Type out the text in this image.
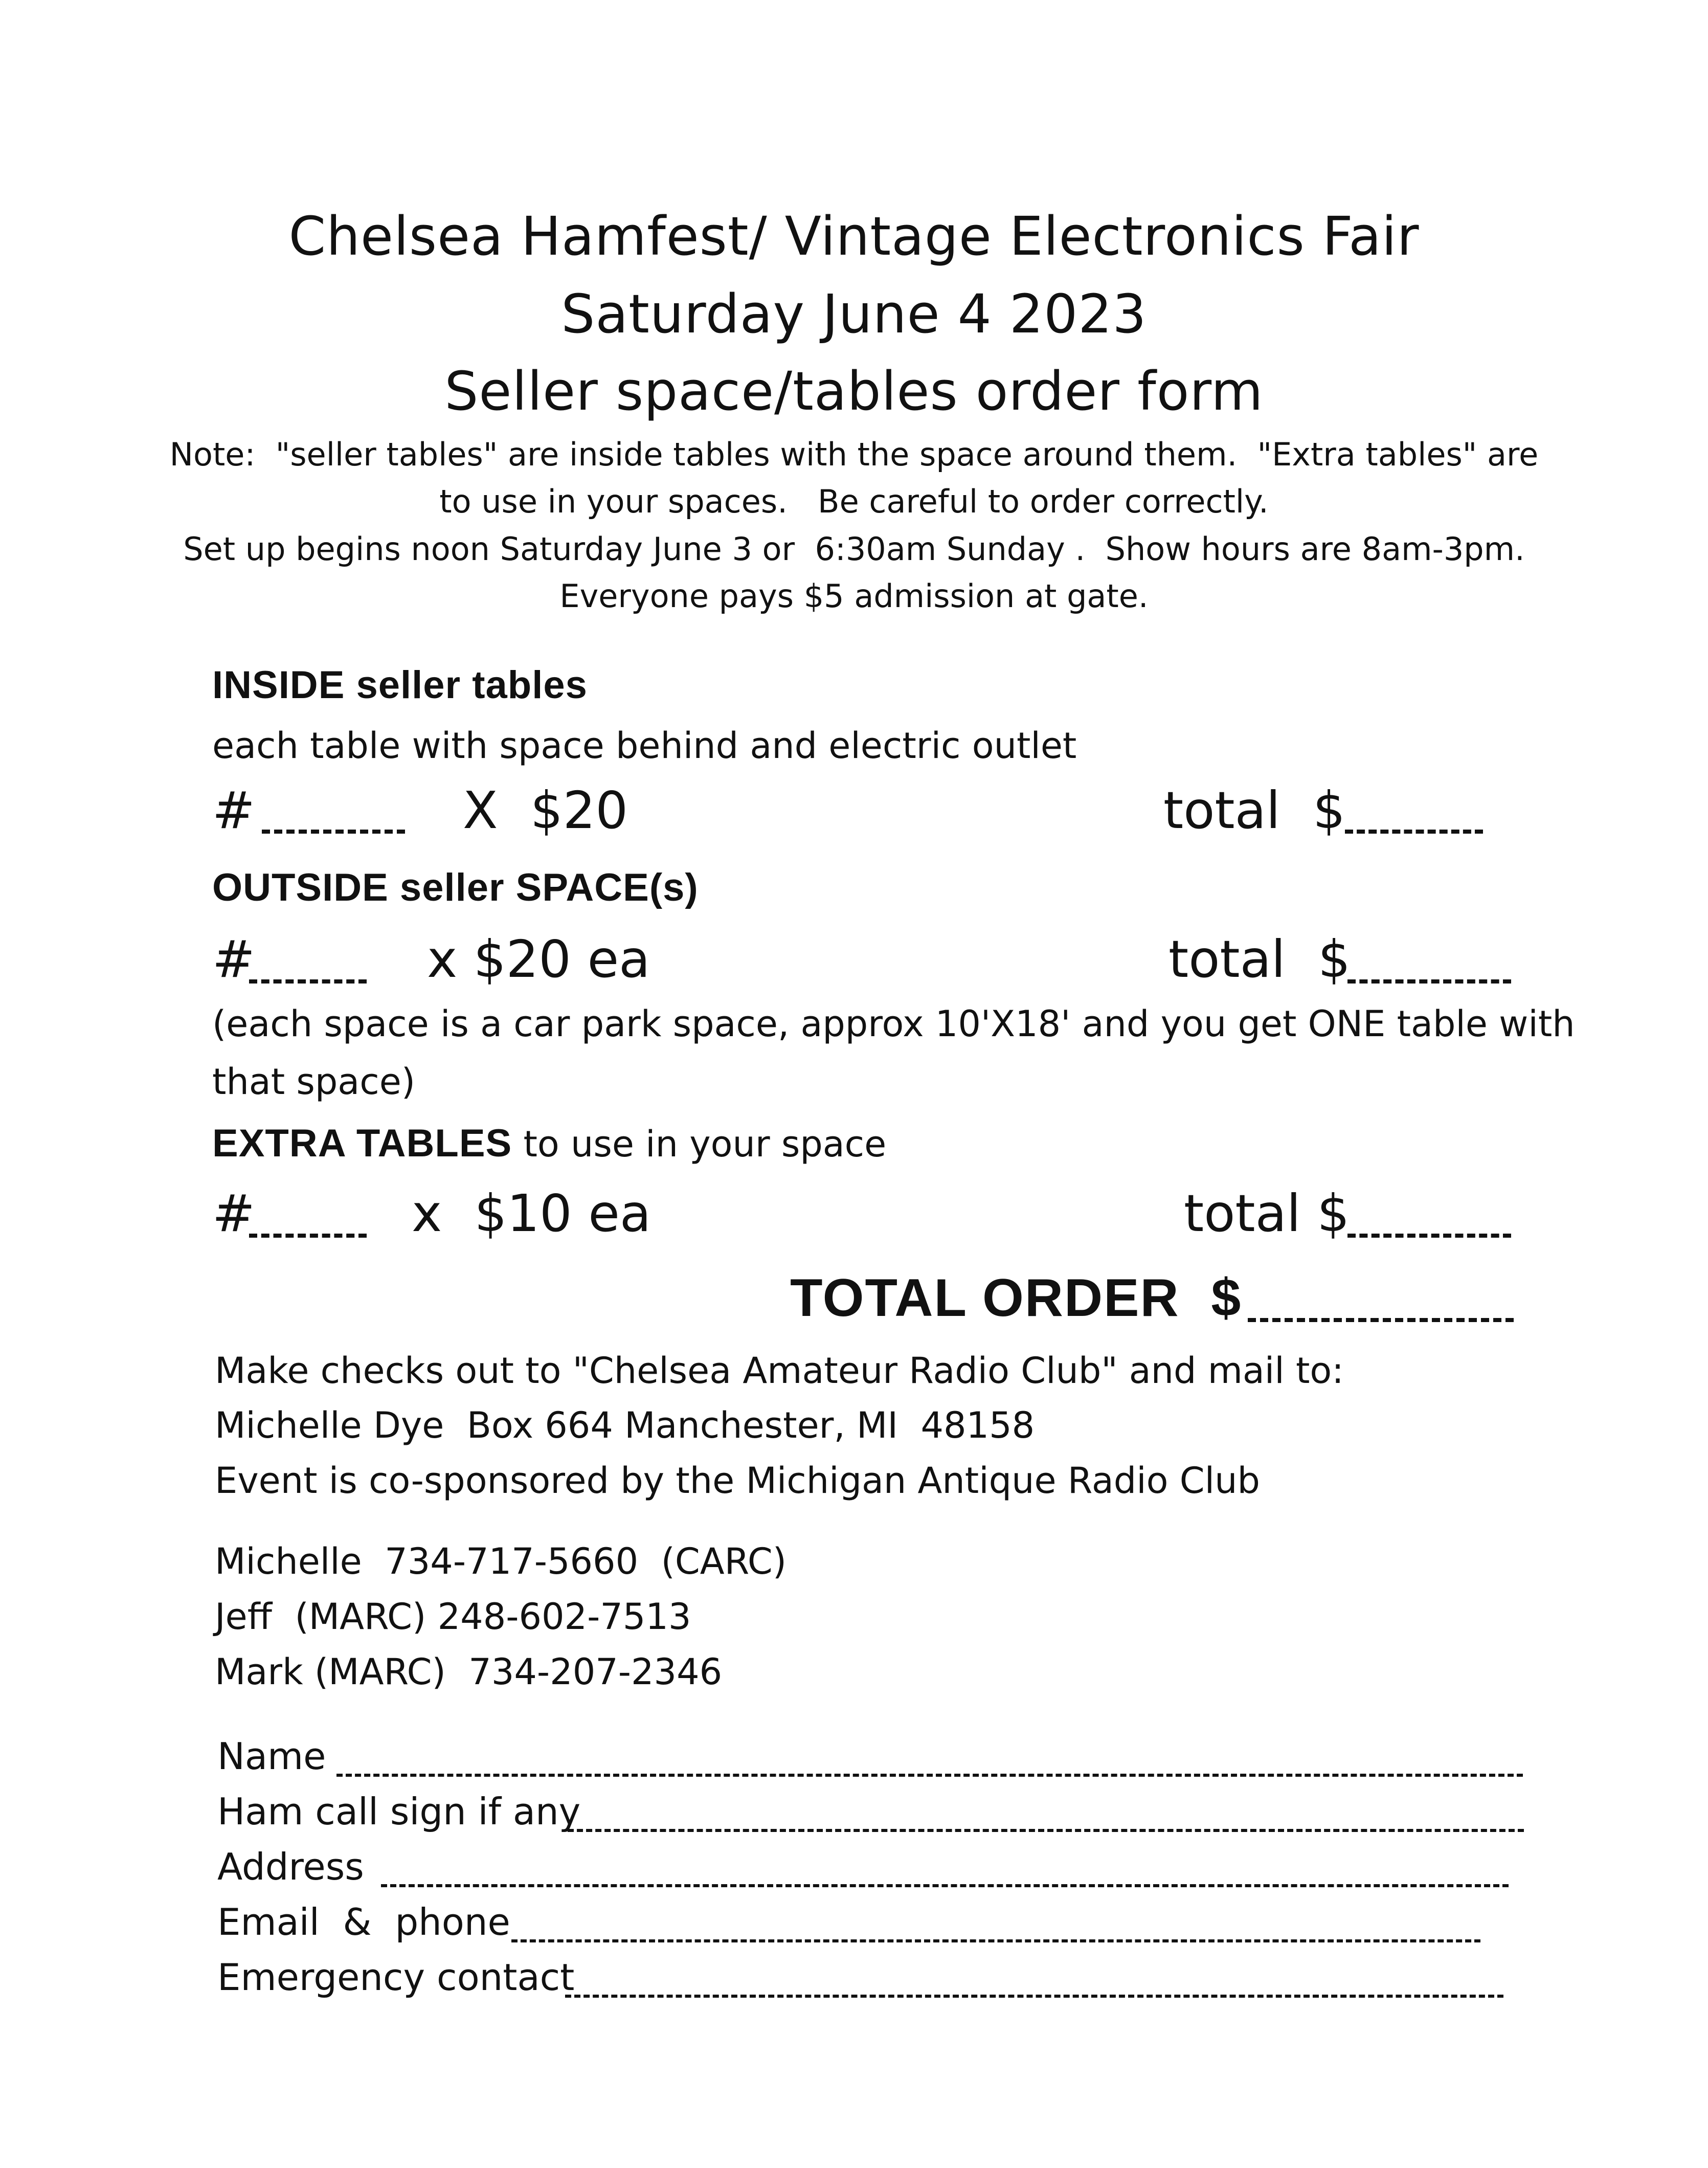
Chelsea Hamfest/ Vintage Electronics Fair
Saturday June 4 2023
Seller space/tables order form
Note:  "seller tables" are inside tables with the space around them.  "Extra tables" are
to use in your spaces.   Be careful to order correctly.
Set up begins noon Saturday June 3 or  6:30am Sunday .  Show hours are 8am-3pm.
Everyone pays $5 admission at gate.
INSIDE seller tables
each table with space behind and electric outlet
#	X  $20	total  $
OUTSIDE seller SPACE(s)
#	x $20 ea	total  $
(each space is a car park space, approx 10'X18' and you get ONE table with
that space)
EXTRA TABLES to use in your space
#	x  $10 ea	total $
TOTAL ORDER  $
Make checks out to "Chelsea Amateur Radio Club" and mail to:
Michelle Dye  Box 664 Manchester, MI  48158
Event is co-sponsored by the Michigan Antique Radio Club
Michelle  734-717-5660  (CARC)
Jeff  (MARC) 248-602-7513
Mark (MARC)  734-207-2346
Name
Ham call sign if any
Address
Email  &  phone
Emergency contact
